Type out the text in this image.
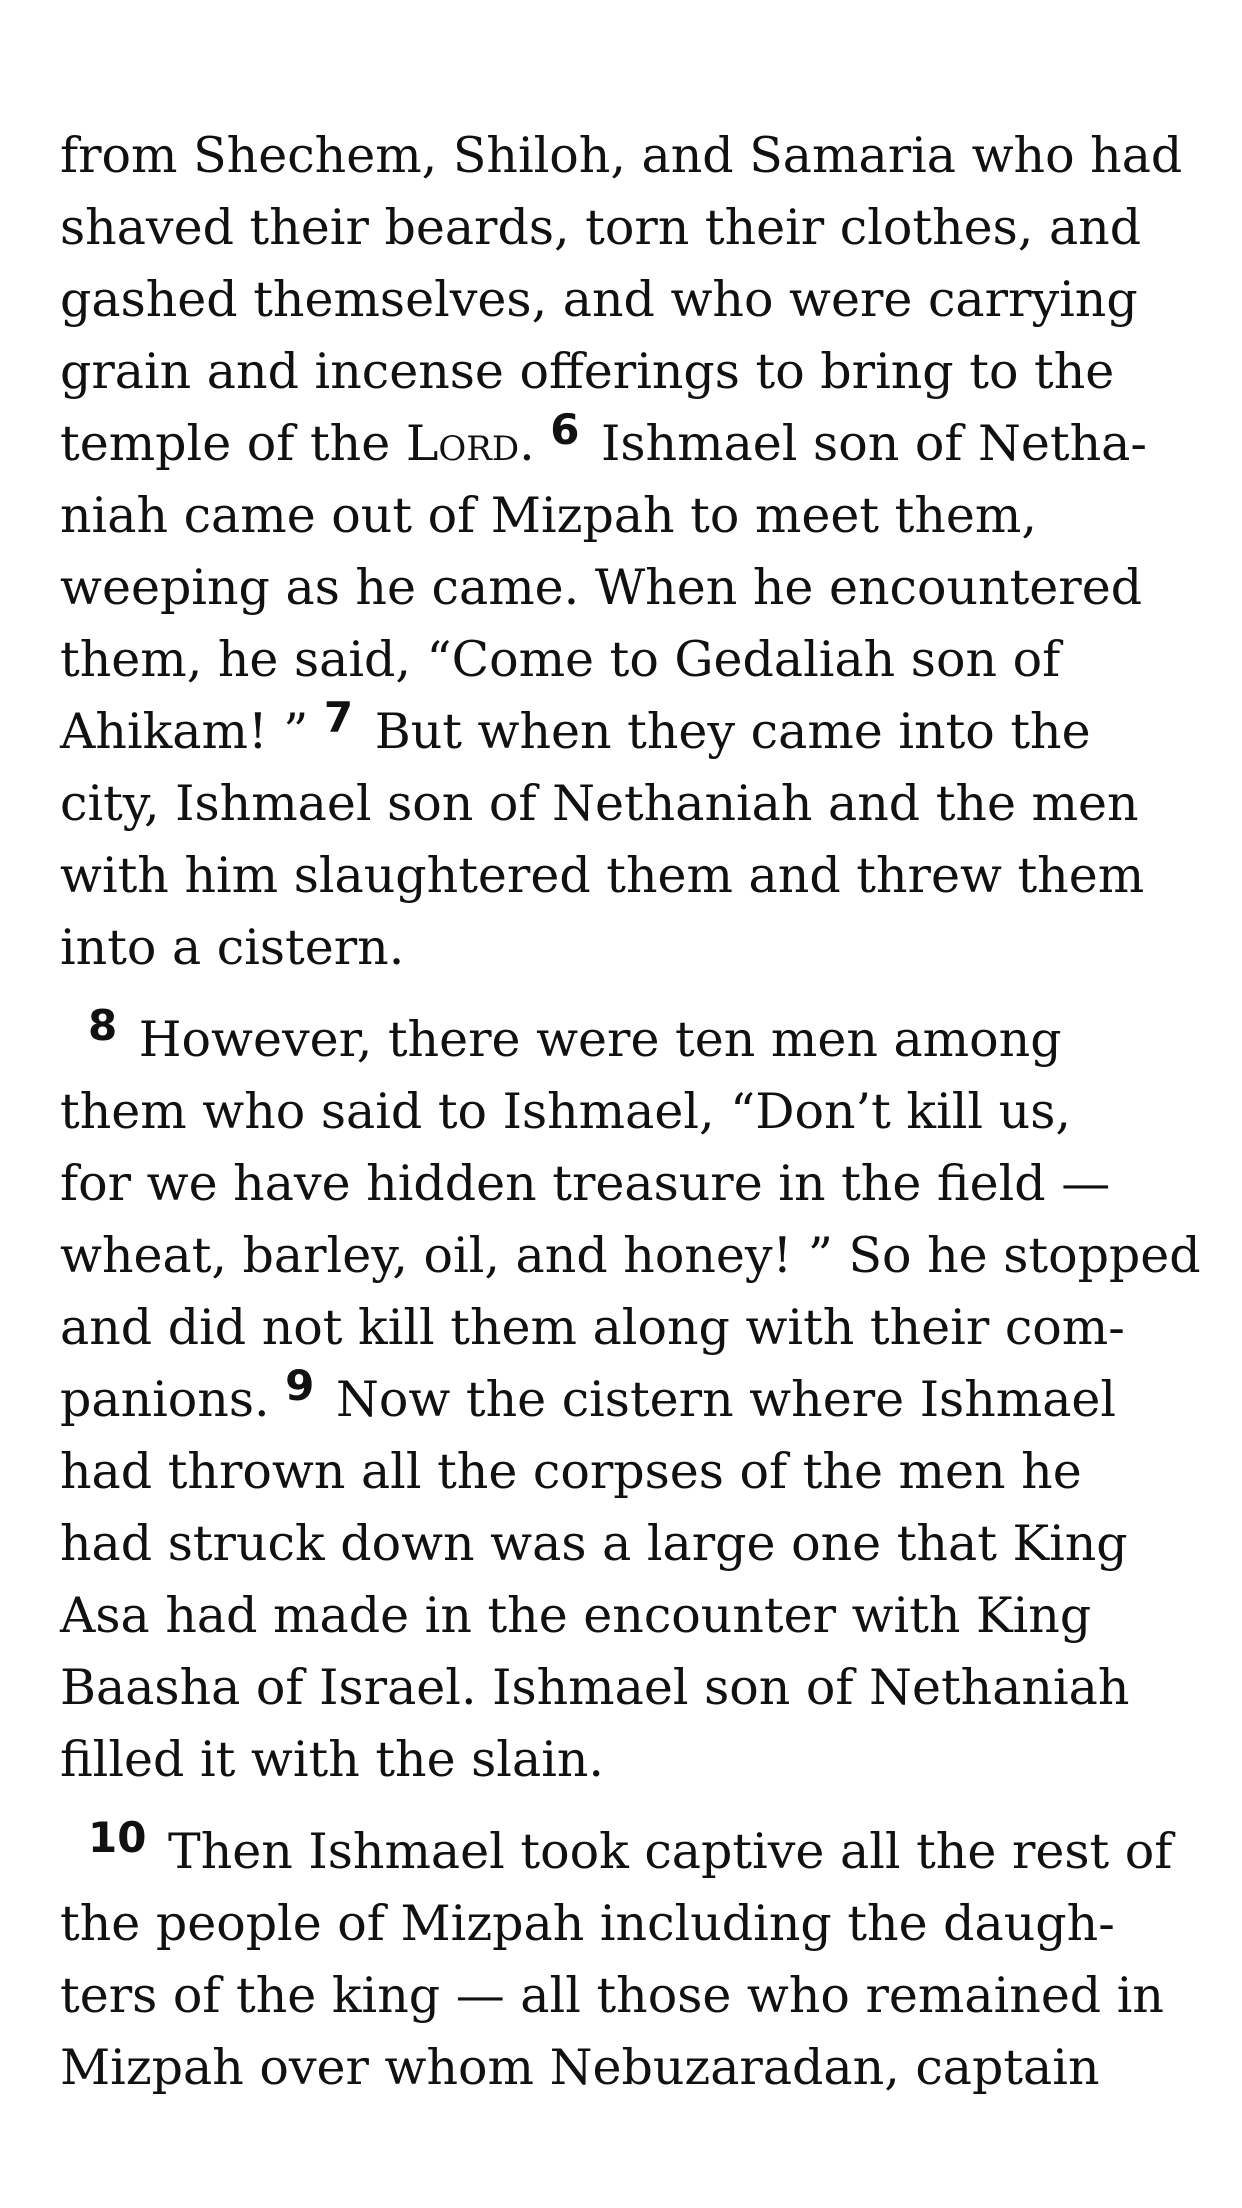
from Shechem, Shiloh, and Samaria who had
shaved their beards, torn their clothes, and
gashed themselves, and who were carrying
grain and incense offerings to bring to the
temple of the Lord. 6 Ishmael son of Netha-
niah came out of Mizpah to meet them,
weeping as he came. When he encountered
them, he said, “Come to Gedaliah son of
Ahikam! ” 7 But when they came into the
city, Ishmael son of Nethaniah and the men
with him slaughtered them and threw them
into a cistern.
8 However, there were ten men among
them who said to Ishmael, “Don’t kill us,
for we have hidden treasure in the field —
wheat, barley, oil, and honey! ” So he stopped
and did not kill them along with their com-
panions. 9 Now the cistern where Ishmael
had thrown all the corpses of the men he
had struck down was a large one that King
Asa had made in the encounter with King
Baasha of Israel. Ishmael son of Nethaniah
filled it with the slain.
10 Then Ishmael took captive all the rest of
the people of Mizpah including the daugh-
ters of the king — all those who remained in
Mizpah over whom Nebuzaradan, captain
